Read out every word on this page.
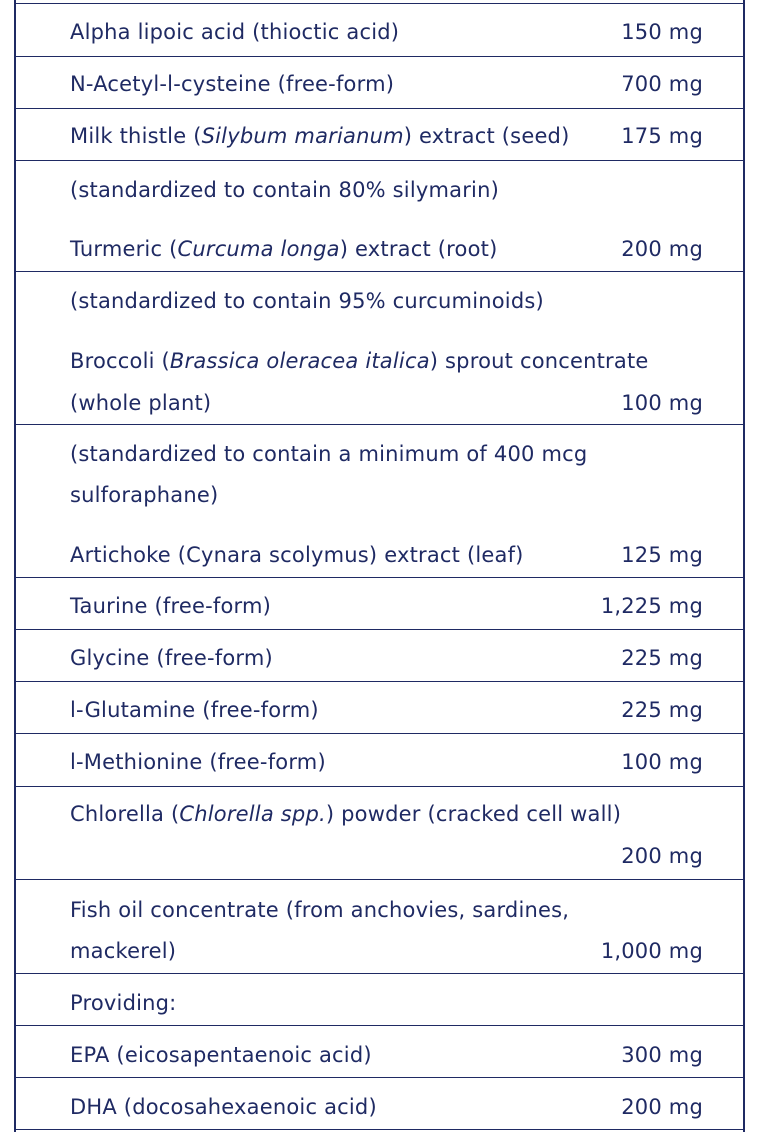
Alpha lipoic acid (thioctic acid)	150 mg
N-Acetyl-l-cysteine (free-form)	700 mg
Milk thistle (Silybum marianum) extract (seed) 175 mg
(standardized to contain 80% silymarin)
Turmeric (Curcuma longa) extract (root)	200 mg
(standardized to contain 95% curcuminoids)
Broccoli (Brassica oleracea italica) sprout concentrate
(whole plant)	100 mg
(standardized to contain a minimum of 400 mcg
sulforaphane)
Artichoke (Cynara scolymus) extract (leaf)	125 mg
Taurine (free-form)	1,225 mg
Glycine (free-form)	225 mg
l-Glutamine (free-form)	225 mg
l-Methionine (free-form)	100 mg
Chlorella (Chlorella spp.) powder (cracked cell wall)
200 mg
Fish oil concentrate (from anchovies, sardines,
mackerel)	1,000 mg
Providing:
EPA (eicosapentaenoic acid)	300 mg
DHA (docosahexaenoic acid)	200 mg
